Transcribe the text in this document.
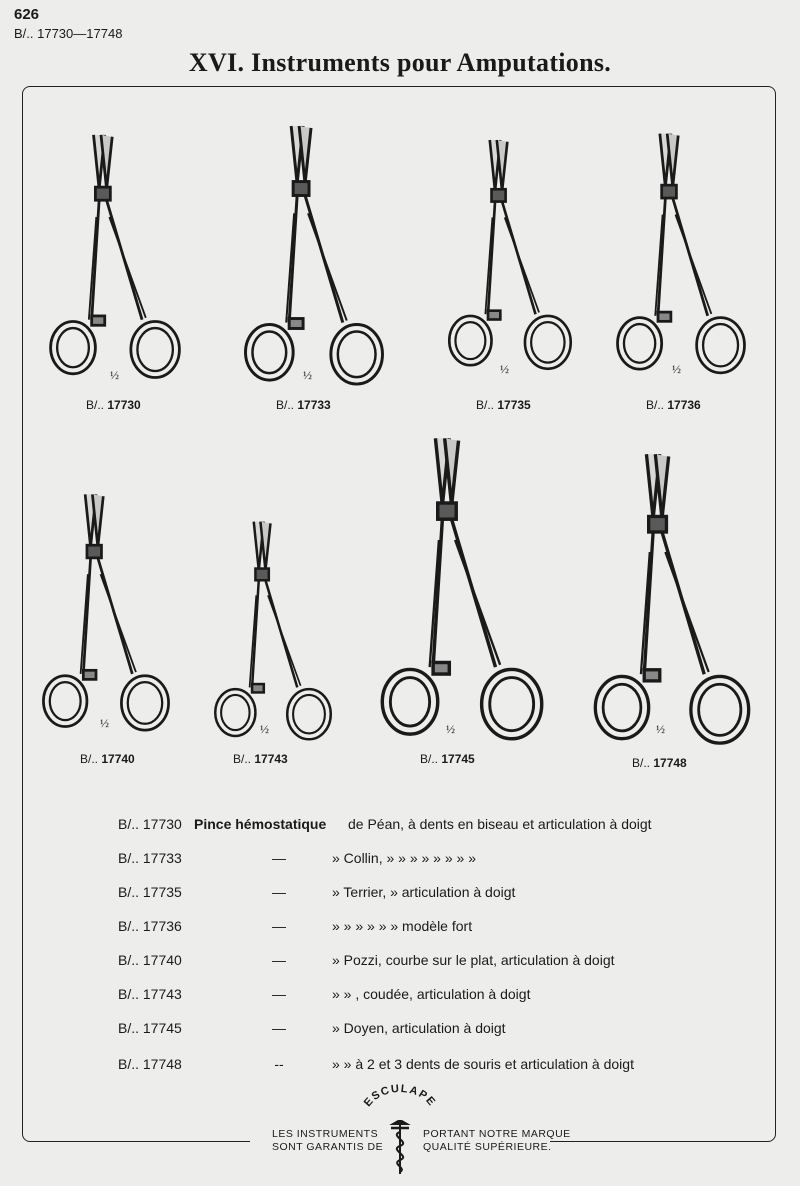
626
B/.. 17730—17748
XVI. Instruments pour Amputations.
½
B/.. 17730
½
B/.. 17733
½
B/.. 17735
½
B/.. 17736
½
B/.. 17740
½
B/.. 17743
½
B/.. 17745
½
B/.. 17748
B/.. 17730 Pince hémostatique de Péan, à dents en biseau et articulation à doigt
B/.. 17733	—	» Collin, » » » » » » » »
B/.. 17735	—	» Terrier, » articulation à doigt
B/.. 17736	—	» » » » » » modèle fort
B/.. 17740	—	» Pozzi, courbe sur le plat, articulation à doigt
B/.. 17743	—	» » , coudée, articulation à doigt
B/.. 17745	—	» Doyen, articulation à doigt
B/.. 17748	--	» » à 2 et 3 dents de souris et articulation à doigt
ESCULAPE
LES INSTRUMENTS
SONT GARANTIS DE
PORTANT NOTRE MARQUE
QUALITÉ SUPÉRIEURE.
